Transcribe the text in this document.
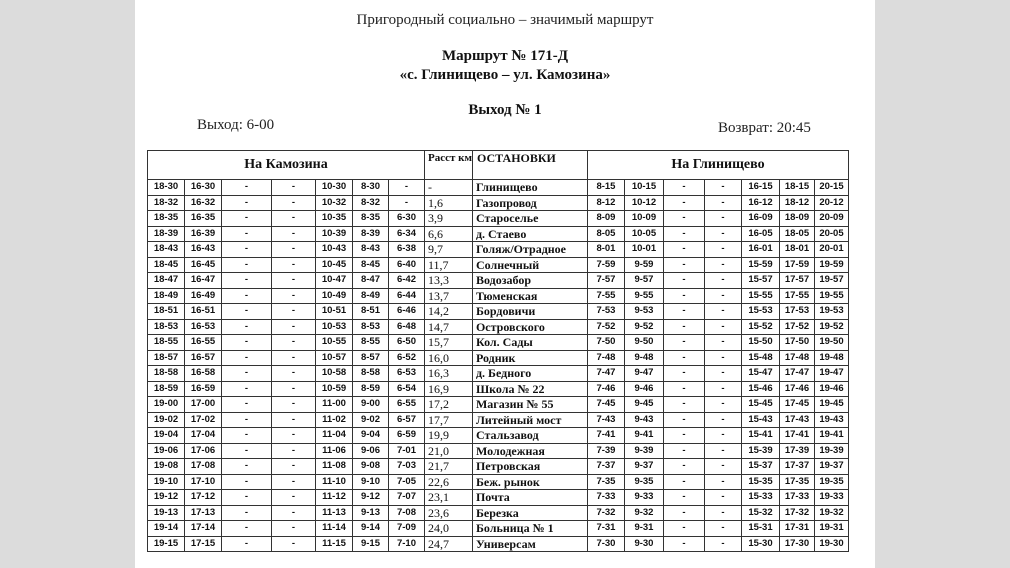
Пригородный социально – значимый маршрут
Маршрут № 171-Д
«с. Глинищево – ул. Камозина»
Выход № 1
Выход: 6-00	Возврат: 20:45
На Камозина							Расст км	ОСТАНОВКИ	На Глинищево						
18-30	16-30	-	-	10-30	8-30	-	-	Глинищево	8-15	10-15	-	-	16-15	18-15	20-15
18-32	16-32	-	-	10-32	8-32	-	1,6	Газопровод	8-12	10-12	-	-	16-12	18-12	20-12
18-35	16-35	-	-	10-35	8-35	6-30	3,9	Староселье	8-09	10-09	-	-	16-09	18-09	20-09
18-39	16-39	-	-	10-39	8-39	6-34	6,6	д. Стаево	8-05	10-05	-	-	16-05	18-05	20-05
18-43	16-43	-	-	10-43	8-43	6-38	9,7	Голяж/Отрадное	8-01	10-01	-	-	16-01	18-01	20-01
18-45	16-45	-	-	10-45	8-45	6-40	11,7	Солнечный	7-59	9-59	-	-	15-59	17-59	19-59
18-47	16-47	-	-	10-47	8-47	6-42	13,3	Водозабор	7-57	9-57	-	-	15-57	17-57	19-57
18-49	16-49	-	-	10-49	8-49	6-44	13,7	Тюменская	7-55	9-55	-	-	15-55	17-55	19-55
18-51	16-51	-	-	10-51	8-51	6-46	14,2	Бордовичи	7-53	9-53	-	-	15-53	17-53	19-53
18-53	16-53	-	-	10-53	8-53	6-48	14,7	Островского	7-52	9-52	-	-	15-52	17-52	19-52
18-55	16-55	-	-	10-55	8-55	6-50	15,7	Кол. Сады	7-50	9-50	-	-	15-50	17-50	19-50
18-57	16-57	-	-	10-57	8-57	6-52	16,0	Родник	7-48	9-48	-	-	15-48	17-48	19-48
18-58	16-58	-	-	10-58	8-58	6-53	16,3	д. Бедного	7-47	9-47	-	-	15-47	17-47	19-47
18-59	16-59	-	-	10-59	8-59	6-54	16,9	Школа № 22	7-46	9-46	-	-	15-46	17-46	19-46
19-00	17-00	-	-	11-00	9-00	6-55	17,2	Магазин № 55	7-45	9-45	-	-	15-45	17-45	19-45
19-02	17-02	-	-	11-02	9-02	6-57	17,7	Литейный мост	7-43	9-43	-	-	15-43	17-43	19-43
19-04	17-04	-	-	11-04	9-04	6-59	19,9	Стальзавод	7-41	9-41	-	-	15-41	17-41	19-41
19-06	17-06	-	-	11-06	9-06	7-01	21,0	Молодежная	7-39	9-39	-	-	15-39	17-39	19-39
19-08	17-08	-	-	11-08	9-08	7-03	21,7	Петровская	7-37	9-37	-	-	15-37	17-37	19-37
19-10	17-10	-	-	11-10	9-10	7-05	22,6	Беж. рынок	7-35	9-35	-	-	15-35	17-35	19-35
19-12	17-12	-	-	11-12	9-12	7-07	23,1	Почта	7-33	9-33	-	-	15-33	17-33	19-33
19-13	17-13	-	-	11-13	9-13	7-08	23,6	Березка	7-32	9-32	-	-	15-32	17-32	19-32
19-14	17-14	-	-	11-14	9-14	7-09	24,0	Больница № 1	7-31	9-31	-	-	15-31	17-31	19-31
19-15	17-15	-	-	11-15	9-15	7-10	24,7	Универсам	7-30	9-30	-	-	15-30	17-30	19-30
